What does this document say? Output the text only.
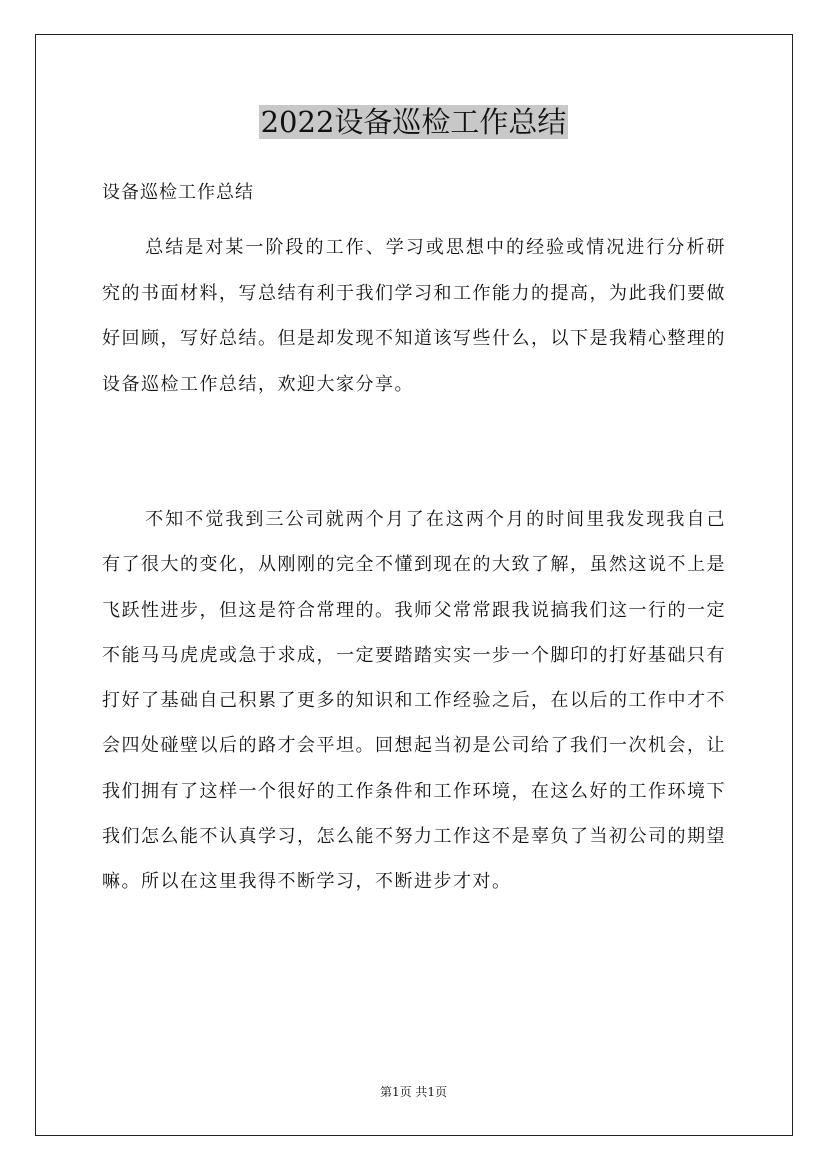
2022设备巡检工作总结

设备巡检工作总结

总结是对某一阶段的工作、学习或思想中的经验或情况进行分析研究的书面材料，写总结有利于我们学习和工作能力的提高，为此我们要做好回顾，写好总结。但是却发现不知道该写些什么，以下是我精心整理的设备巡检工作总结，欢迎大家分享。

不知不觉我到三公司就两个月了在这两个月的时间里我发现我自己有了很大的变化，从刚刚的完全不懂到现在的大致了解，虽然这说不上是飞跃性进步，但这是符合常理的。我师父常常跟我说搞我们这一行的一定不能马马虎虎或急于求成，一定要踏踏实实一步一个脚印的打好基础只有打好了基础自己积累了更多的知识和工作经验之后，在以后的工作中才不会四处碰壁以后的路才会平坦。回想起当初是公司给了我们一次机会，让我们拥有了这样一个很好的工作条件和工作环境，在这么好的工作环境下我们怎么能不认真学习，怎么能不努力工作这不是辜负了当初公司的期望嘛。所以在这里我得不断学习，不断进步才对。

第1页 共1页
